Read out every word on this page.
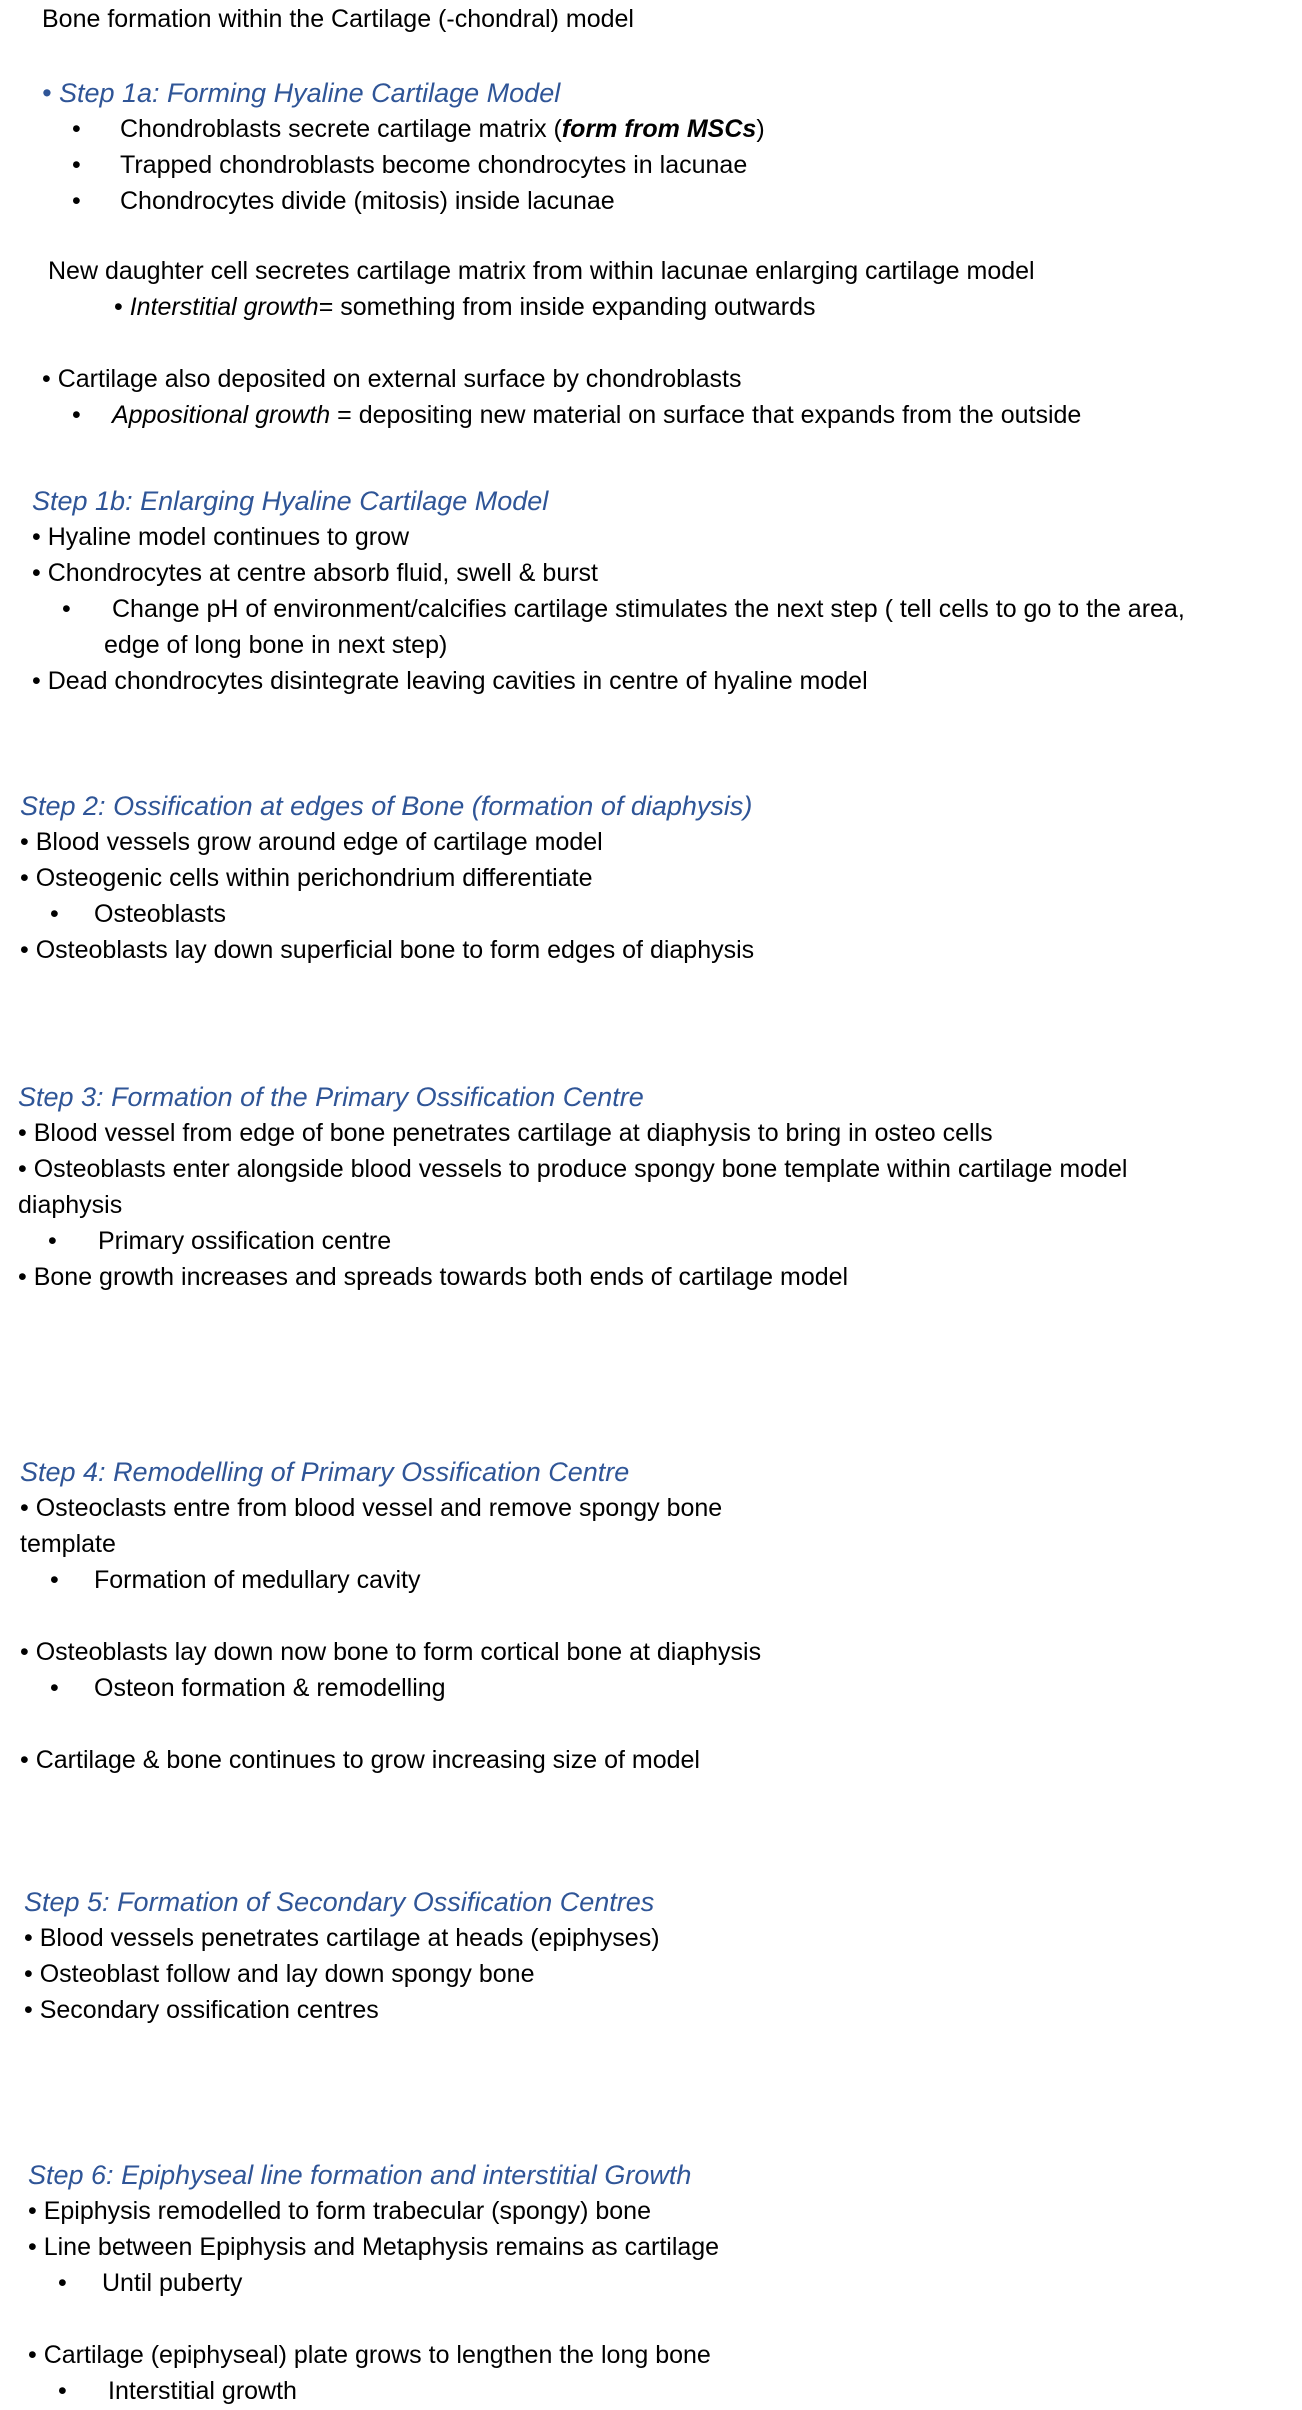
Bone formation within the Cartilage (-chondral) model
• Step 1a: Forming Hyaline Cartilage Model
• Chondroblasts secrete cartilage matrix (form from MSCs)
• Trapped chondroblasts become chondrocytes in lacunae
• Chondrocytes divide (mitosis) inside lacunae
New daughter cell secretes cartilage matrix from within lacunae enlarging cartilage model
• Interstitial growth= something from inside expanding outwards
• Cartilage also deposited on external surface by chondroblasts
• Appositional growth = depositing new material on surface that expands from the outside
Step 1b: Enlarging Hyaline Cartilage Model
• Hyaline model continues to grow
• Chondrocytes at centre absorb fluid, swell & burst
• Change pH of environment/calcifies cartilage stimulates the next step ( tell cells to go to the area,
edge of long bone in next step)
• Dead chondrocytes disintegrate leaving cavities in centre of hyaline model
Step 2: Ossification at edges of Bone (formation of diaphysis)
• Blood vessels grow around edge of cartilage model
• Osteogenic cells within perichondrium differentiate
• Osteoblasts
• Osteoblasts lay down superficial bone to form edges of diaphysis
Step 3: Formation of the Primary Ossification Centre
• Blood vessel from edge of bone penetrates cartilage at diaphysis to bring in osteo cells
• Osteoblasts enter alongside blood vessels to produce spongy bone template within cartilage model
diaphysis
• Primary ossification centre
• Bone growth increases and spreads towards both ends of cartilage model
Step 4: Remodelling of Primary Ossification Centre
• Osteoclasts entre from blood vessel and remove spongy bone
template
• Formation of medullary cavity
• Osteoblasts lay down now bone to form cortical bone at diaphysis
• Osteon formation & remodelling
• Cartilage & bone continues to grow increasing size of model
Step 5: Formation of Secondary Ossification Centres
• Blood vessels penetrates cartilage at heads (epiphyses)
• Osteoblast follow and lay down spongy bone
• Secondary ossification centres
Step 6: Epiphyseal line formation and interstitial Growth
• Epiphysis remodelled to form trabecular (spongy) bone
• Line between Epiphysis and Metaphysis remains as cartilage
• Until puberty
• Cartilage (epiphyseal) plate grows to lengthen the long bone
• Interstitial growth
